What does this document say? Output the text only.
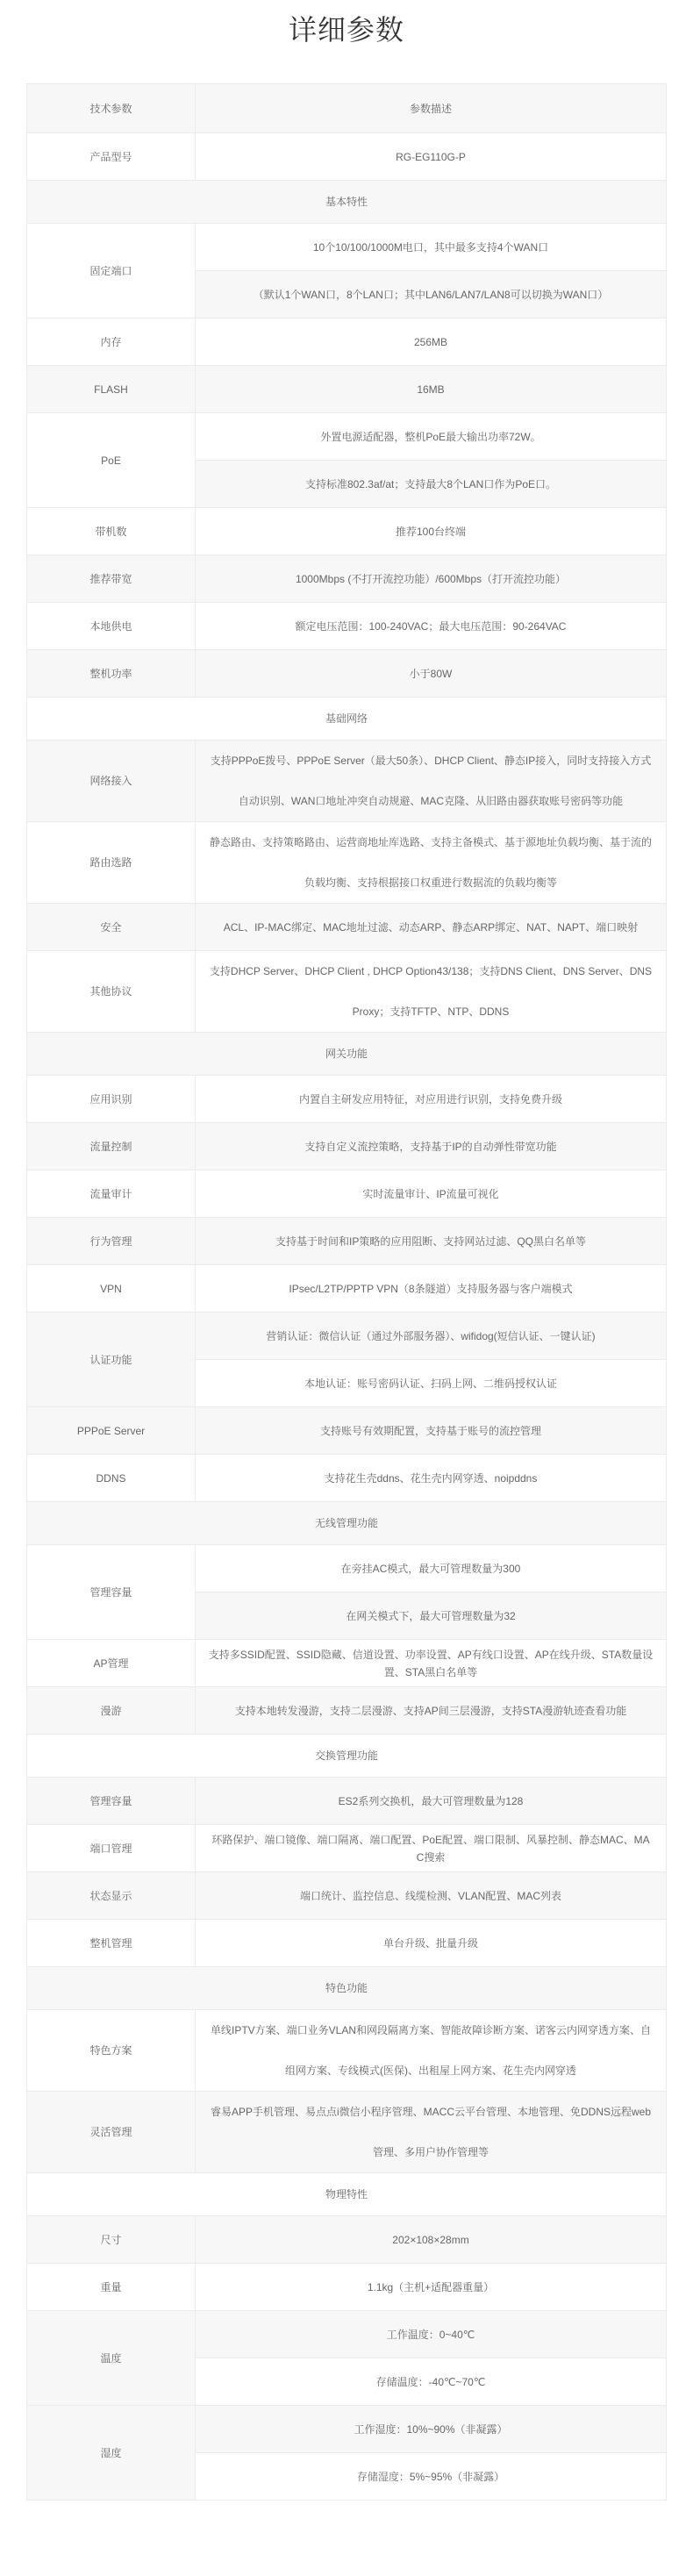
详细参数
技术参数	参数描述
产品型号	RG-EG110G-P
基本特性	
固定端口	10个10/100/1000M电口，其中最多支持4个WAN口
	（默认1个WAN口，8个LAN口；其中LAN6/LAN7/LAN8可以切换为WAN口）
内存	256MB
FLASH	16MB
PoE	外置电源适配器，整机PoE最大输出功率72W。
	支持标准802.3af/at；支持最大8个LAN口作为PoE口。
带机数	推荐100台终端
推荐带宽	1000Mbps (不打开流控功能）/600Mbps（打开流控功能）
本地供电	额定电压范围：100-240VAC；最大电压范围：90-264VAC
整机功率	小于80W
基础网络	
网络接入	支持PPPoE拨号、PPPoE Server（最大50条）、DHCP Client、静态IP接入，同时支持接入方式自动识别、WAN口地址冲突自动规避、MAC克隆、从旧路由器获取账号密码等功能
路由选路	静态路由、支持策略路由、运营商地址库选路、支持主备模式、基于源地址负载均衡、基于流的负载均衡、支持根据接口权重进行数据流的负载均衡等
安全	ACL、IP-MAC绑定、MAC地址过滤、动态ARP、静态ARP绑定、NAT、NAPT、端口映射
其他协议	支持DHCP Server、DHCP Client , DHCP Option43/138；支持DNS Client、DNS Server、DNS Proxy；支持TFTP、NTP、DDNS
网关功能	
应用识别	内置自主研发应用特征，对应用进行识别，支持免费升级
流量控制	支持自定义流控策略，支持基于IP的自动弹性带宽功能
流量审计	实时流量审计、IP流量可视化
行为管理	支持基于时间和IP策略的应用阻断、支持网站过滤、QQ黑白名单等
VPN	IPsec/L2TP/PPTP VPN（8条隧道）支持服务器与客户端模式
认证功能	营销认证：微信认证（通过外部服务器）、wifidog(短信认证、一键认证)
	本地认证：账号密码认证、扫码上网、二维码授权认证
PPPoE Server	支持账号有效期配置，支持基于账号的流控管理
DDNS	支持花生壳ddns、花生壳内网穿透、noipddns
无线管理功能	
管理容量	在旁挂AC模式，最大可管理数量为300
	在网关模式下，最大可管理数量为32
AP管理	支持多SSID配置、SSID隐藏、信道设置、功率设置、AP有线口设置、AP在线升级、STA数量设置、STA黑白名单等
漫游	支持本地转发漫游，支持二层漫游、支持AP间三层漫游，支持STA漫游轨迹查看功能
交换管理功能	
管理容量	ES2系列交换机，最大可管理数量为128
端口管理	环路保护、端口镜像、端口隔离、端口配置、PoE配置、端口限制、风暴控制、静态MAC、MAC搜索
状态显示	端口统计、监控信息、线缆检测、VLAN配置、MAC列表
整机管理	单台升级、批量升级
特色功能	
特色方案	单线IPTV方案、端口业务VLAN和网段隔离方案、智能故障诊断方案、诺客云内网穿透方案、自组网方案、专线模式(医保)、出租屋上网方案、花生壳内网穿透
灵活管理	睿易APP手机管理、易点点i微信小程序管理、MACC云平台管理、本地管理、免DDNS远程web管理、多用户协作管理等
物理特性	
尺寸	202×108×28mm
重量	1.1kg（主机+适配器重量）
温度	工作温度：0~40℃
	存储温度：-40℃~70℃
湿度	工作湿度：10%~90%（非凝露）
	存储湿度：5%~95%（非凝露）
